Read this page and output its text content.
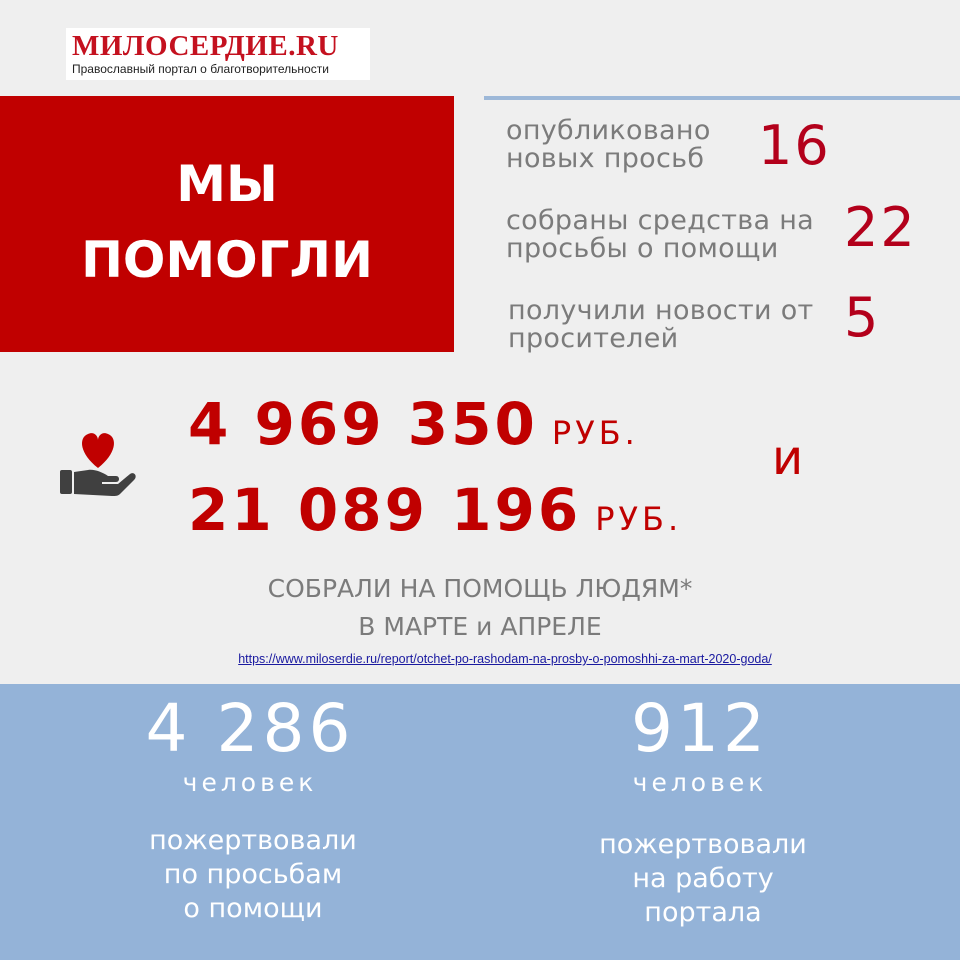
МИЛОСЕРДИЕ.RU
Православный портал о благотворительности
МЫ
ПОМОГЛИ
опубликовано
новых просьб 16
собраны средства на
просьбы о помощи	22
получили новости от
просителей	5
4 969 350 РУБ.
21 089 196 РУБ.
и
СОБРАЛИ НА ПОМОЩЬ ЛЮДЯМ*
В МАРТЕ и АПРЕЛЕ
https://www.miloserdie.ru/report/otchet-po-rashodam-na-prosby-o-pomoshhi-za-mart-2020-goda/
4 286
человек
пожертвовали
по просьбам
о помощи
912
человек
пожертвовали
на работу
портала
